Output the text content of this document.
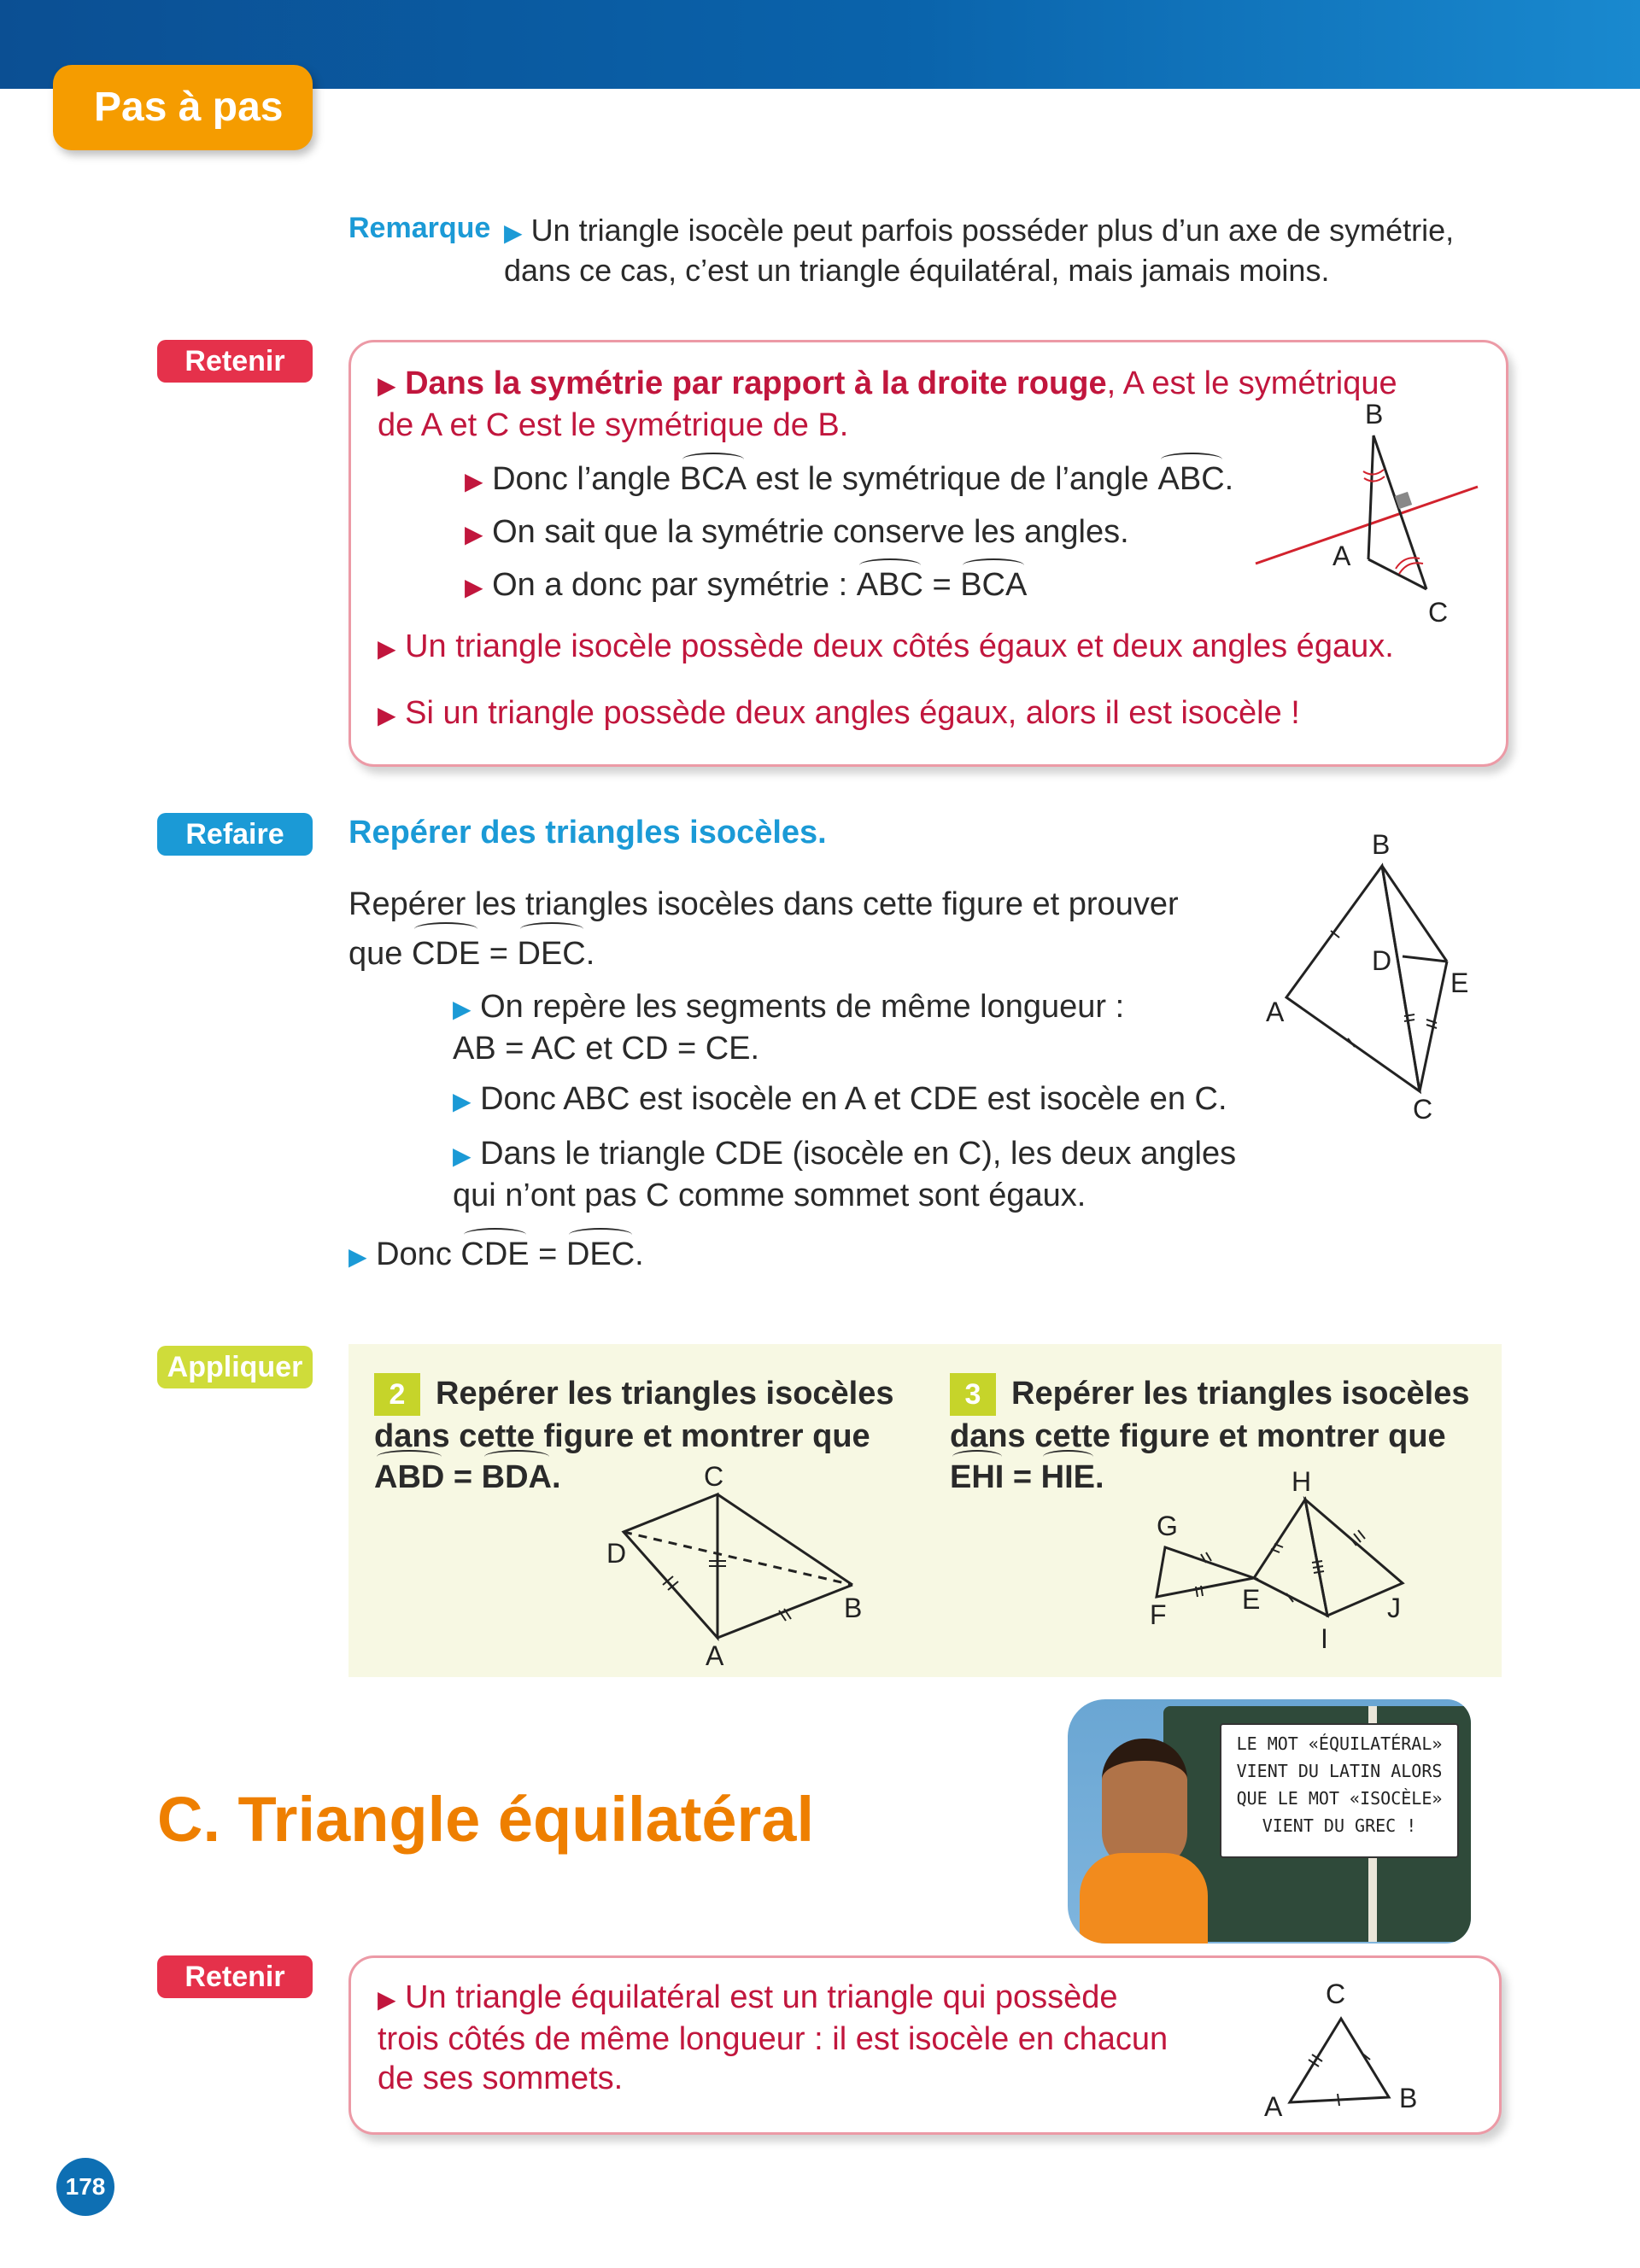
Pas à pas
Remarque ▶ Un triangle isocèle peut parfois posséder plus d’un axe de symétrie,
dans ce cas, c’est un triangle équilatéral, mais jamais moins.
Retenir
▶ Dans la symétrie par rapport à la droite rouge, A est le symétrique
de A et C est le symétrique de B.
▶ Donc l’angle BCA est le symétrique de l’angle ABC.
▶ On sait que la symétrie conserve les angles.
▶ On a donc par symétrie : ABC = BCA
▶ Un triangle isocèle possède deux côtés égaux et deux angles égaux.
▶ Si un triangle possède deux angles égaux, alors il est isocèle !
B
A
C
Refaire	Repérer des triangles isocèles.
Repérer les triangles isocèles dans cette figure et prouver
que CDE = DEC.
▶ On repère les segments de même longueur :
AB = AC et CD = CE.
▶ Donc ABC est isocèle en A et CDE est isocèle en C.
▶ Dans le triangle CDE (isocèle en C), les deux angles
qui n’ont pas C comme sommet sont égaux.
▶ Donc CDE = DEC.
B
D
E
A
C
Appliquer
2 Repérer les triangles isocèles
dans cette figure et montrer que
ABD = BDA.	C
D
B
A
3 Repérer les triangles isocèles
dans cette figure et montrer que
EHI = HIE.	H
G
F	E
I
J
C. Triangle équilatéral
LE MOT «ÉQUILATÉRAL»
VIENT DU LATIN ALORS
QUE LE MOT «ISOCÈLE»
VIENT DU GREC !
Retenir
▶ Un triangle équilatéral est un triangle qui possède
trois côtés de même longueur : il est isocèle en chacun
de ses sommets.
C
A	B
178
